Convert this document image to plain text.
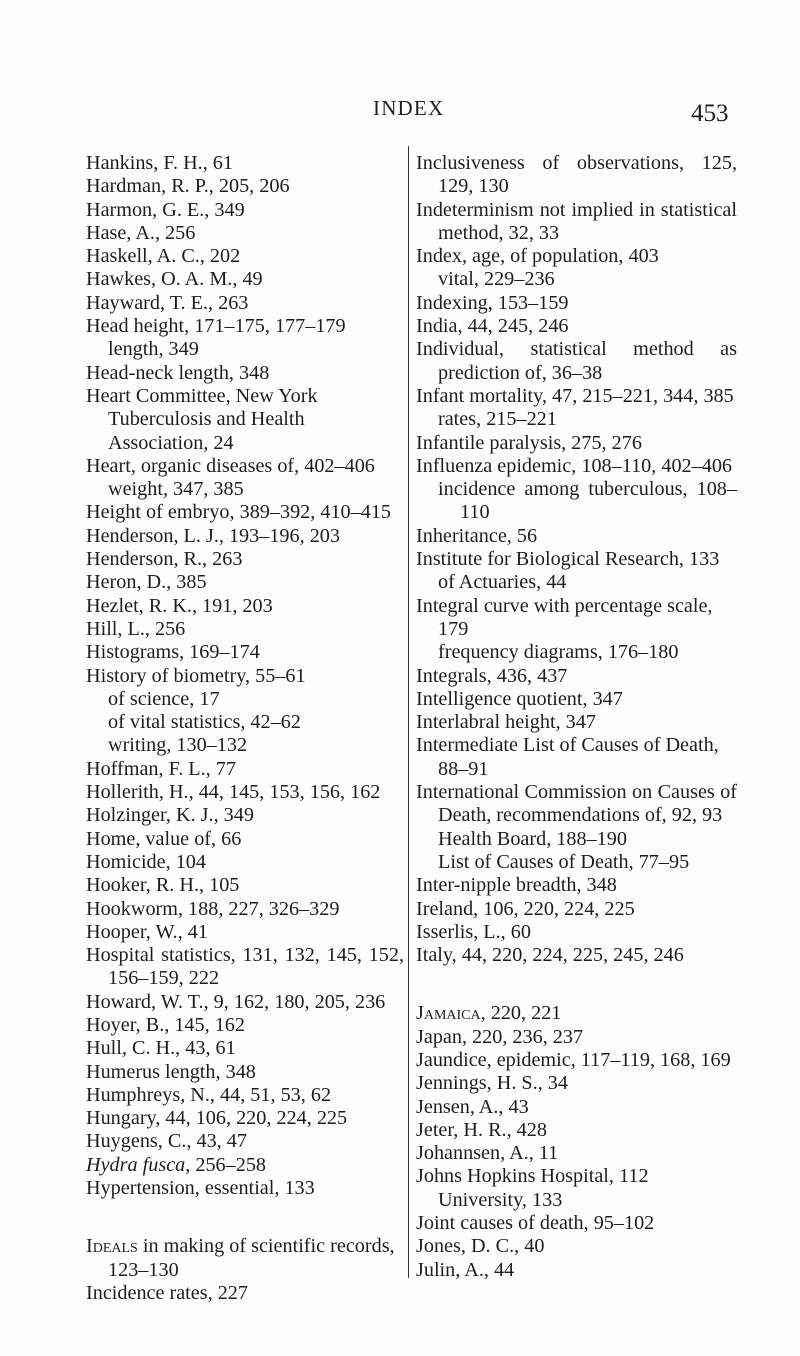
INDEX	453
Hankins, F. H., 61
Hardman, R. P., 205, 206
Harmon, G. E., 349
Hase, A., 256
Haskell, A. C., 202
Hawkes, O. A. M., 49
Hayward, T. E., 263
Head height, 171–175, 177–179
length, 349
Head-neck length, 348
Heart Committee, New York Tuberculosis and Health Association, 24
Heart, organic diseases of, 402–406
weight, 347, 385
Height of embryo, 389–392, 410–415
Henderson, L. J., 193–196, 203
Henderson, R., 263
Heron, D., 385
Hezlet, R. K., 191, 203
Hill, L., 256
Histograms, 169–174
History of biometry, 55–61
of science, 17
of vital statistics, 42–62
writing, 130–132
Hoffman, F. L., 77
Hollerith, H., 44, 145, 153, 156, 162
Holzinger, K. J., 349
Home, value of, 66
Homicide, 104
Hooker, R. H., 105
Hookworm, 188, 227, 326–329
Hooper, W., 41
Hospital statistics, 131, 132, 145, 152, 156–159, 222
Howard, W. T., 9, 162, 180, 205, 236
Hoyer, B., 145, 162
Hull, C. H., 43, 61
Humerus length, 348
Humphreys, N., 44, 51, 53, 62
Hungary, 44, 106, 220, 224, 225
Huygens, C., 43, 47
Hydra fusca, 256–258
Hypertension, essential, 133
Ideals in making of scientific records, 123–130
Incidence rates, 227
Inclusiveness of observations, 125, 129, 130
Indeterminism not implied in statistical method, 32, 33
Index, age, of population, 403
vital, 229–236
Indexing, 153–159
India, 44, 245, 246
Individual, statistical method as prediction of, 36–38
Infant mortality, 47, 215–221, 344, 385
rates, 215–221
Infantile paralysis, 275, 276
Influenza epidemic, 108–110, 402–406
incidence among tuberculous, 108–110
Inheritance, 56
Institute for Biological Research, 133
of Actuaries, 44
Integral curve with percentage scale, 179
frequency diagrams, 176–180
Integrals, 436, 437
Intelligence quotient, 347
Interlabral height, 347
Intermediate List of Causes of Death, 88–91
International Commission on Causes of Death, recommendations of, 92, 93
Health Board, 188–190
List of Causes of Death, 77–95
Inter-nipple breadth, 348
Ireland, 106, 220, 224, 225
Isserlis, L., 60
Italy, 44, 220, 224, 225, 245, 246
Jamaica, 220, 221
Japan, 220, 236, 237
Jaundice, epidemic, 117–119, 168, 169
Jennings, H. S., 34
Jensen, A., 43
Jeter, H. R., 428
Johannsen, A., 11
Johns Hopkins Hospital, 112
University, 133
Joint causes of death, 95–102
Jones, D. C., 40
Julin, A., 44
